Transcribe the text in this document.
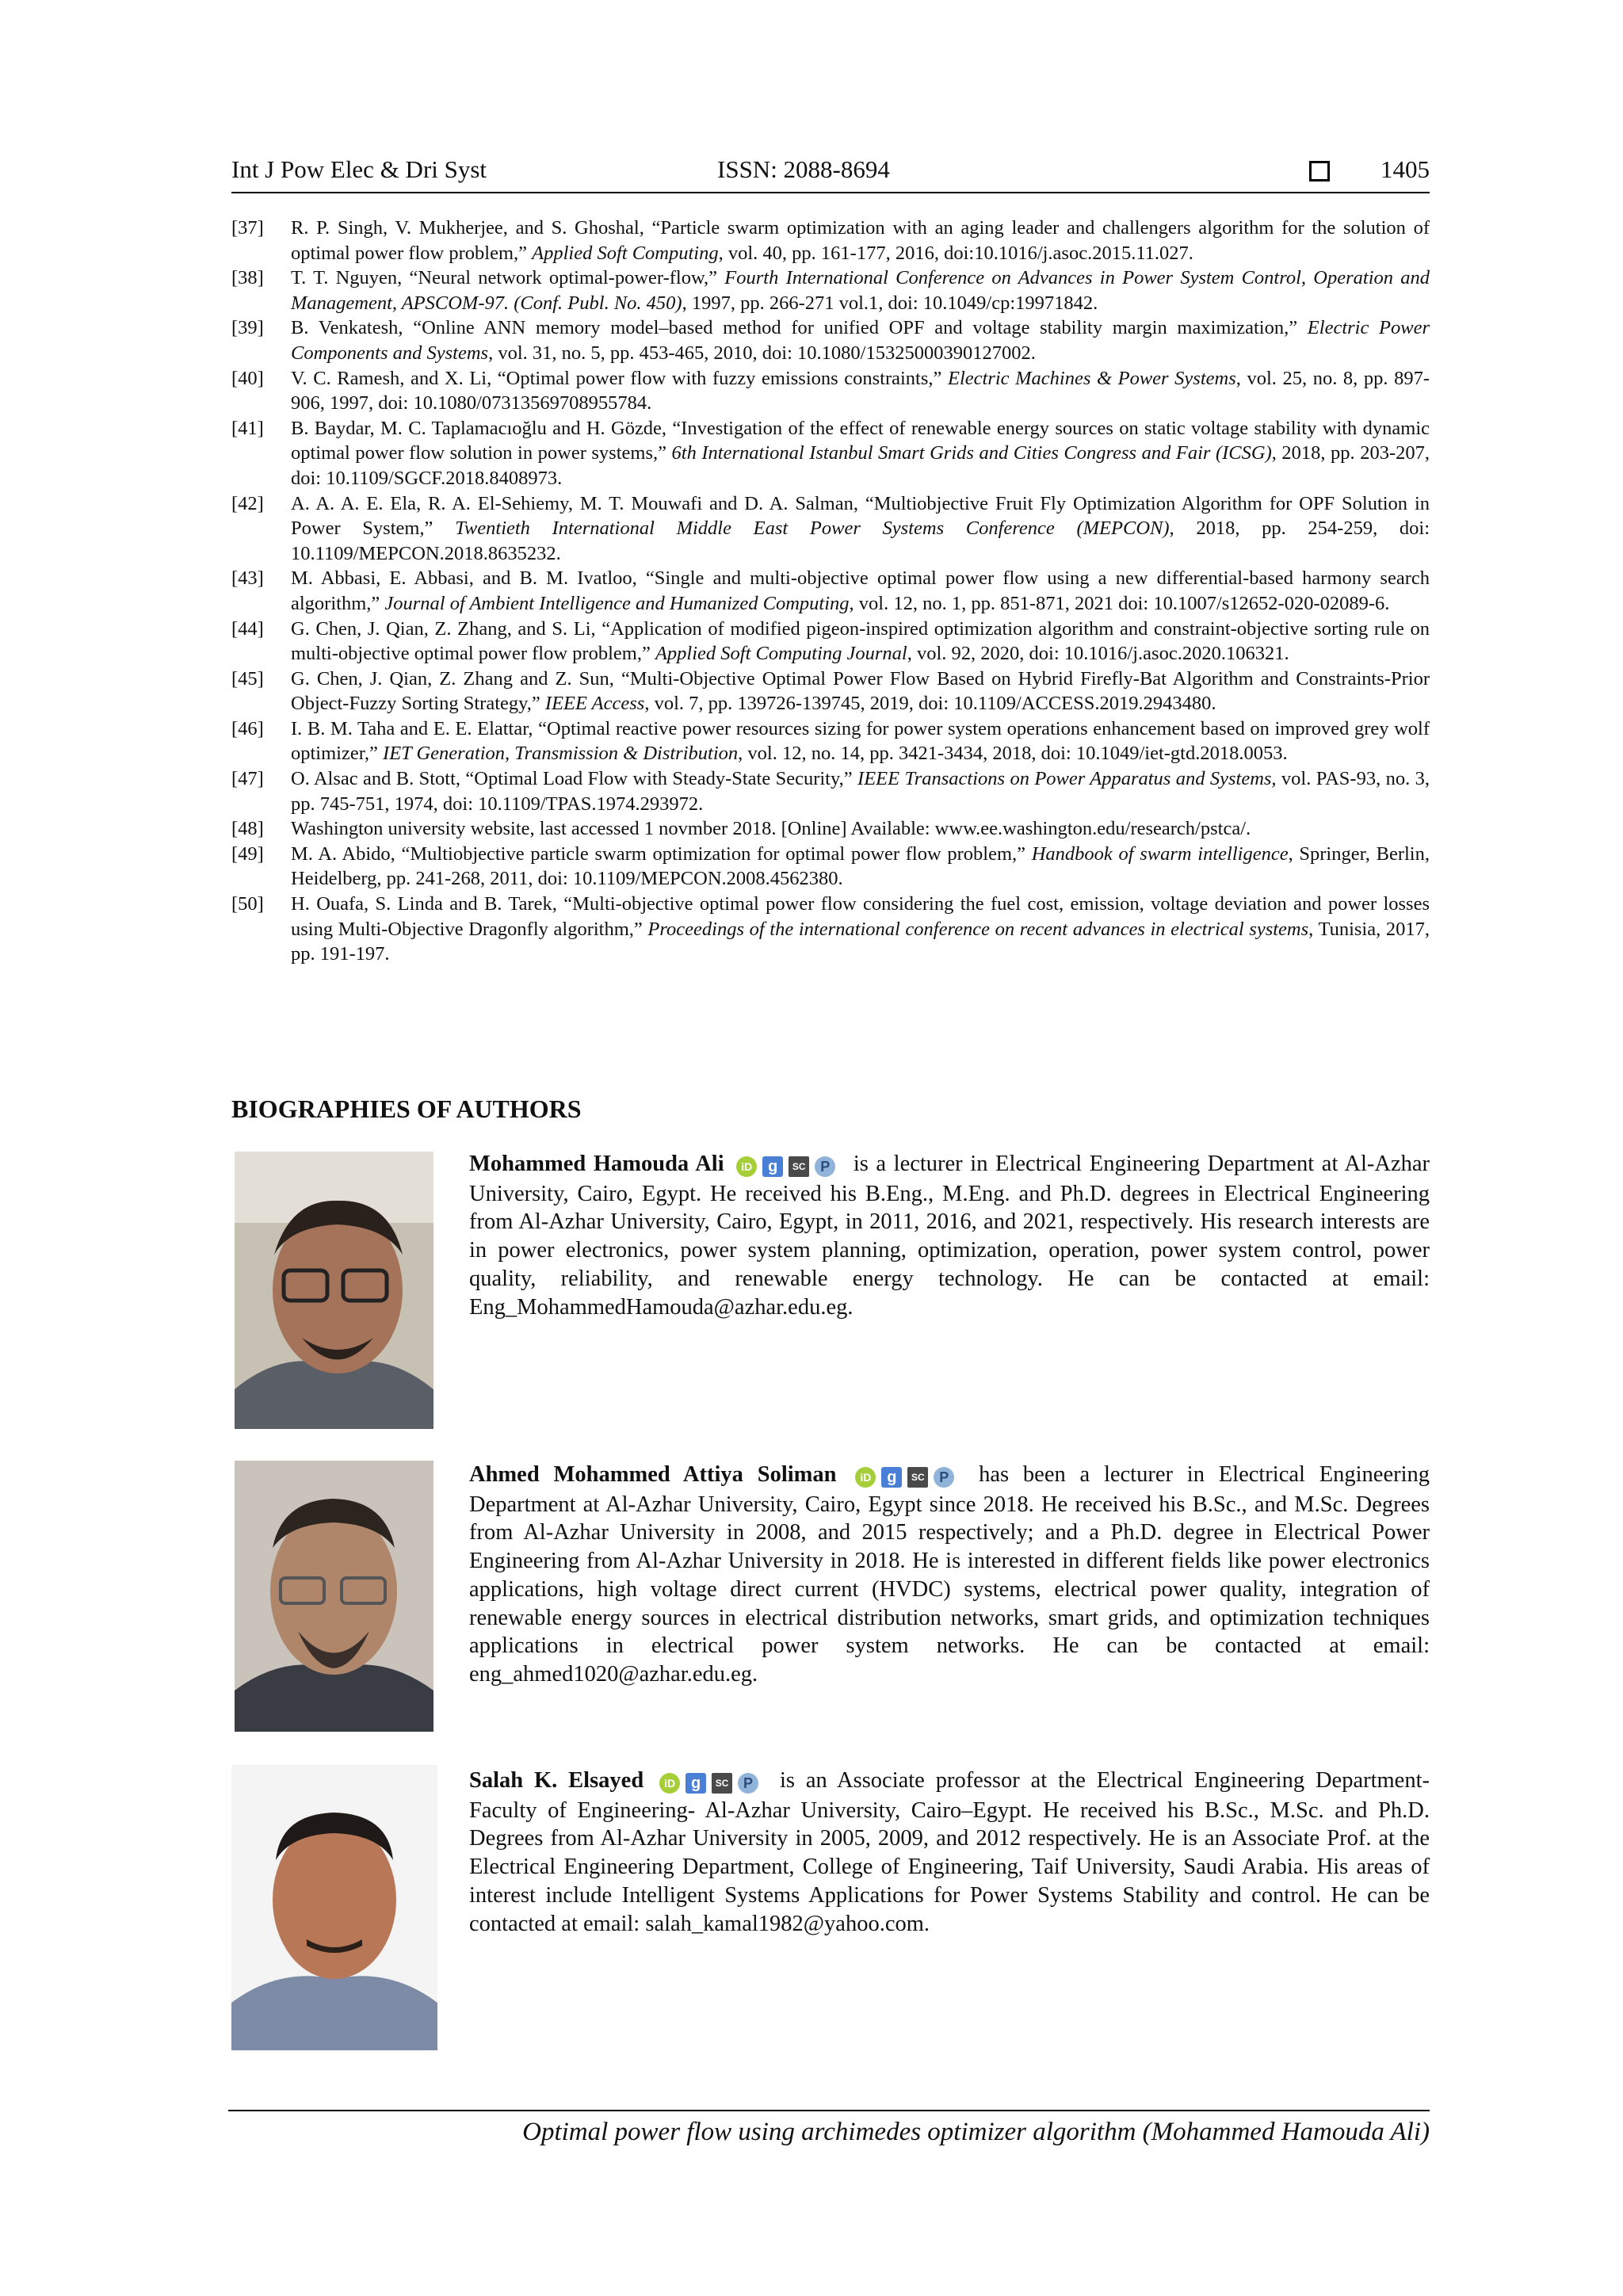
Int J Pow Elec & Dri Syst	ISSN: 2088-8694	1405
[37] R. P. Singh, V. Mukherjee, and S. Ghoshal, “Particle swarm optimization with an aging leader and challengers algorithm for the solution of optimal power flow problem,” Applied Soft Computing, vol. 40, pp. 161-177, 2016, doi:10.1016/j.asoc.2015.11.027.
[38] T. T. Nguyen, “Neural network optimal-power-flow,” Fourth International Conference on Advances in Power System Control, Operation and Management, APSCOM-97. (Conf. Publ. No. 450), 1997, pp. 266-271 vol.1, doi: 10.1049/cp:19971842.
[39] B. Venkatesh, “Online ANN memory model–based method for unified OPF and voltage stability margin maximization,” Electric Power Components and Systems, vol. 31, no. 5, pp. 453-465, 2010, doi: 10.1080/15325000390127002.
[40] V. C. Ramesh, and X. Li, “Optimal power flow with fuzzy emissions constraints,” Electric Machines & Power Systems, vol. 25, no. 8, pp. 897-906, 1997, doi: 10.1080/07313569708955784.
[41] B. Baydar, M. C. Taplamacıoğlu and H. Gözde, “Investigation of the effect of renewable energy sources on static voltage stability with dynamic optimal power flow solution in power systems,” 6th International Istanbul Smart Grids and Cities Congress and Fair (ICSG), 2018, pp. 203-207, doi: 10.1109/SGCF.2018.8408973.
[42] A. A. A. E. Ela, R. A. El-Sehiemy, M. T. Mouwafi and D. A. Salman, “Multiobjective Fruit Fly Optimization Algorithm for OPF Solution in Power System,” Twentieth International Middle East Power Systems Conference (MEPCON), 2018, pp. 254-259, doi: 10.1109/MEPCON.2018.8635232.
[43] M. Abbasi, E. Abbasi, and B. M. Ivatloo, “Single and multi-objective optimal power flow using a new differential-based harmony search algorithm,” Journal of Ambient Intelligence and Humanized Computing, vol. 12, no. 1, pp. 851-871, 2021 doi: 10.1007/s12652-020-02089-6.
[44] G. Chen, J. Qian, Z. Zhang, and S. Li, “Application of modified pigeon-inspired optimization algorithm and constraint-objective sorting rule on multi-objective optimal power flow problem,” Applied Soft Computing Journal, vol. 92, 2020, doi: 10.1016/j.asoc.2020.106321.
[45] G. Chen, J. Qian, Z. Zhang and Z. Sun, “Multi-Objective Optimal Power Flow Based on Hybrid Firefly-Bat Algorithm and Constraints-Prior Object-Fuzzy Sorting Strategy,” IEEE Access, vol. 7, pp. 139726-139745, 2019, doi: 10.1109/ACCESS.2019.2943480.
[46] I. B. M. Taha and E. E. Elattar, “Optimal reactive power resources sizing for power system operations enhancement based on improved grey wolf optimizer,” IET Generation, Transmission & Distribution, vol. 12, no. 14, pp. 3421-3434, 2018, doi: 10.1049/iet-gtd.2018.0053.
[47] O. Alsac and B. Stott, “Optimal Load Flow with Steady-State Security,” IEEE Transactions on Power Apparatus and Systems, vol. PAS-93, no. 3, pp. 745-751, 1974, doi: 10.1109/TPAS.1974.293972.
[48] Washington university website, last accessed 1 novmber 2018. [Online] Available: www.ee.washington.edu/research/pstca/.
[49] M. A. Abido, “Multiobjective particle swarm optimization for optimal power flow problem,” Handbook of swarm intelligence, Springer, Berlin, Heidelberg, pp. 241-268, 2011, doi: 10.1109/MEPCON.2008.4562380.
[50] H. Ouafa, S. Linda and B. Tarek, “Multi-objective optimal power flow considering the fuel cost, emission, voltage deviation and power losses using Multi-Objective Dragonfly algorithm,” Proceedings of the international conference on recent advances in electrical systems, Tunisia, 2017, pp. 191-197.
BIOGRAPHIES OF AUTHORS
Mohammed Hamouda Ali iD g SC P is a lecturer in Electrical Engineering Department at Al-Azhar University, Cairo, Egypt. He received his B.Eng., M.Eng. and Ph.D. degrees in Electrical Engineering from Al-Azhar University, Cairo, Egypt, in 2011, 2016, and 2021, respectively. His research interests are in power electronics, power system planning, optimization, operation, power system control, power quality, reliability, and renewable energy technology. He can be contacted at email: Eng_MohammedHamouda@azhar.edu.eg.
Ahmed Mohammed Attiya Soliman iD g SC P has been a lecturer in Electrical Engineering Department at Al-Azhar University, Cairo, Egypt since 2018. He received his B.Sc., and M.Sc. Degrees from Al-Azhar University in 2008, and 2015 respectively; and a Ph.D. degree in Electrical Power Engineering from Al-Azhar University in 2018. He is interested in different fields like power electronics applications, high voltage direct current (HVDC) systems, electrical power quality, integration of renewable energy sources in electrical distribution networks, smart grids, and optimization techniques applications in electrical power system networks. He can be contacted at email: eng_ahmed1020@azhar.edu.eg.
Salah K. Elsayed iD g SC P is an Associate professor at the Electrical Engineering Department- Faculty of Engineering- Al-Azhar University, Cairo–Egypt. He received his B.Sc., M.Sc. and Ph.D. Degrees from Al-Azhar University in 2005, 2009, and 2012 respectively. He is an Associate Prof. at the Electrical Engineering Department, College of Engineering, Taif University, Saudi Arabia. His areas of interest include Intelligent Systems Applications for Power Systems Stability and control. He can be contacted at email: salah_kamal1982@yahoo.com.
Optimal power flow using archimedes optimizer algorithm (Mohammed Hamouda Ali)
